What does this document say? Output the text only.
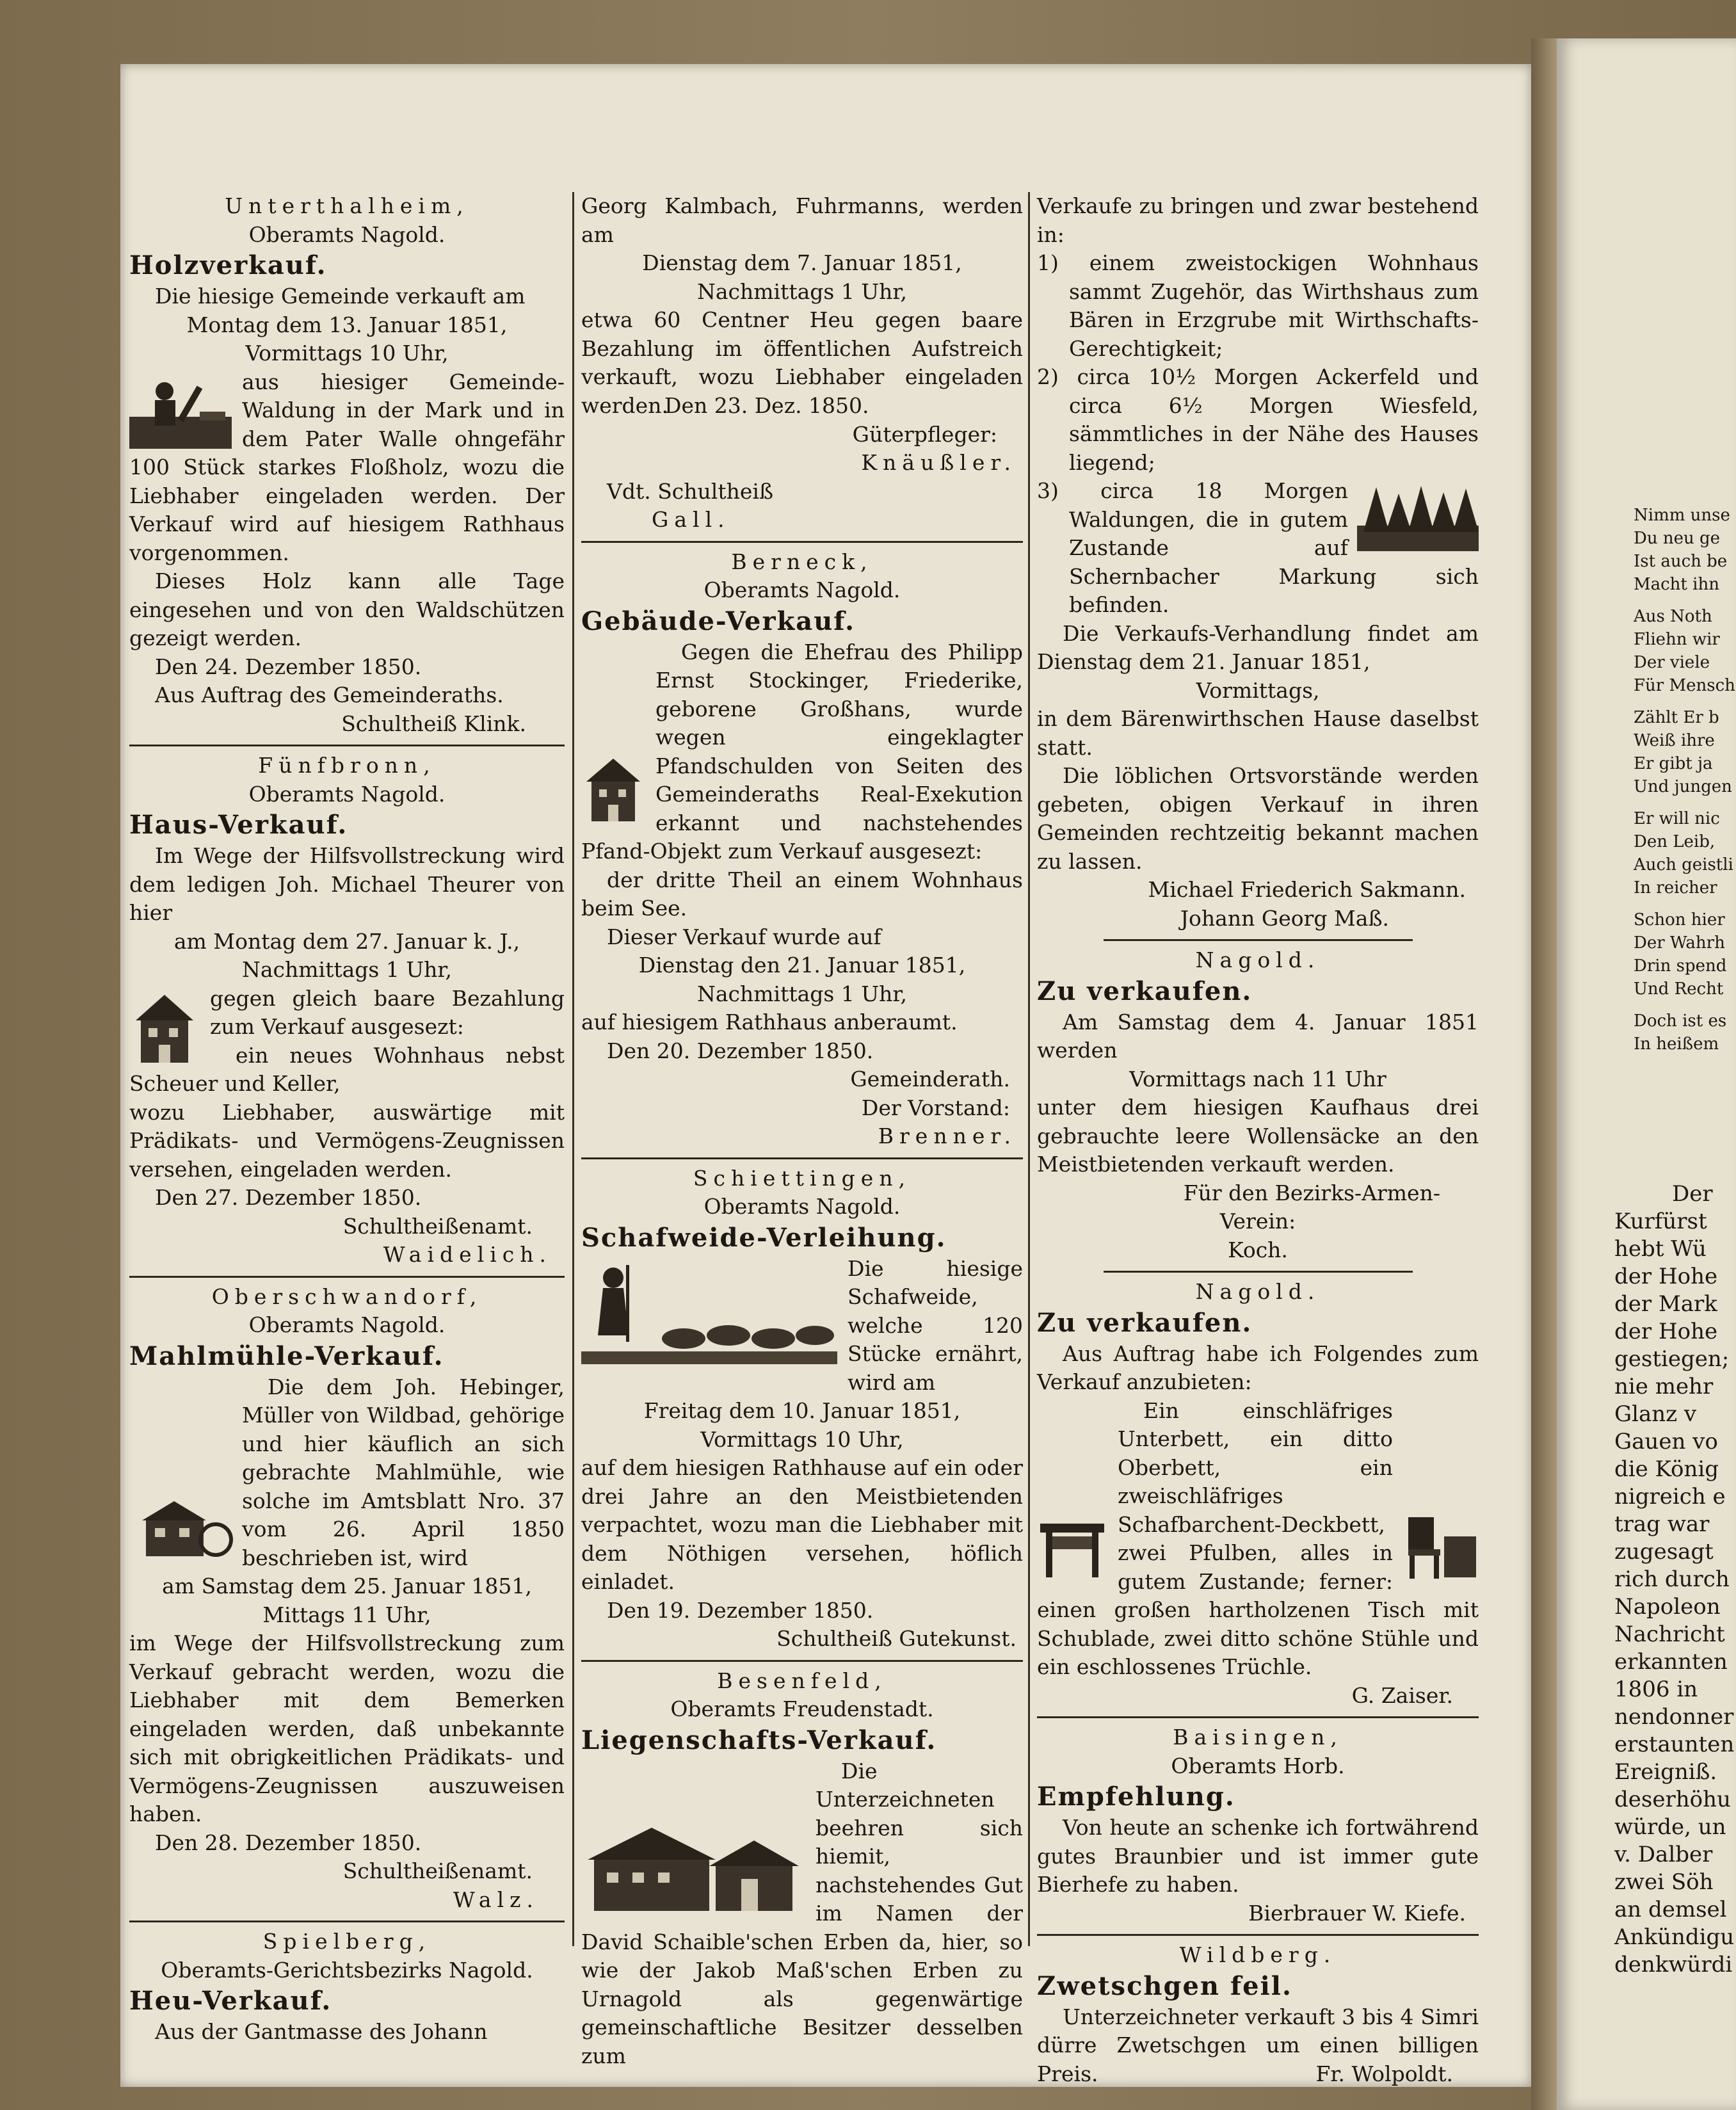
Nimm unse
Du neu ge
Ist auch be
Macht ihn
Aus Noth
Fliehn wir
Der viele
Für Mensch
Zählt Er b
Weiß ihre
Er gibt ja
Und jungen
Er will nic
Den Leib,
Auch geistli
In reicher
Schon hier
Der Wahrh
Drin spend
Und Recht
Doch ist es
In heißem
Der
Kurfürst
hebt Wü
der Hohe
der Mark
der Hohe
gestiegen;
nie mehr
Glanz v
Gauen vo
die König
nigreich e
trag war
zugesagt
rich durch
Napoleon
Nachricht
erkannten
1806 in
nendonner
erstaunten
Ereigniß.
deserhöhu
würde, un
v. Dalber
zwei Söh
an demsel
Ankündigu
denkwürdi

Unterthalheim,

Oberamts Nagold.

Holzverkauf.

Die hiesige Gemeinde verkauft am

Montag dem 13. Januar 1851,

Vormittags 10 Uhr,

aus hiesiger Gemeinde-Waldung in der Mark und in dem Pater Walle ohngefähr 100 Stück starkes Floßholz, wozu die Liebhaber eingeladen werden. Der Verkauf wird auf hiesigem Rathhaus vorgenommen.

Dieses Holz kann alle Tage eingesehen und von den Waldschützen gezeigt werden.

Den 24. Dezember 1850.

Aus Auftrag des Gemeinderaths.

Schultheiß Klink.

Fünfbronn,

Oberamts Nagold.

Haus-Verkauf.

Im Wege der Hilfsvollstreckung wird dem ledigen Joh. Michael Theurer von hier

am Montag dem 27. Januar k. J.,

Nachmittags 1 Uhr,

gegen gleich baare Bezahlung zum Verkauf ausgesezt:

ein neues Wohnhaus nebst Scheuer und Keller,

wozu Liebhaber, auswärtige mit Prädikats- und Vermögens-Zeugnissen versehen, eingeladen werden.

Den 27. Dezember 1850.

Schultheißenamt.

Waidelich.

Oberschwandorf,

Oberamts Nagold.

Mahlmühle-Verkauf.

Die dem Joh. Hebinger, Müller von Wildbad, gehörige und hier käuflich an sich gebrachte Mahlmühle, wie solche im Amtsblatt Nro. 37 vom 26. April 1850 beschrieben ist, wird

am Samstag dem 25. Januar 1851,

Mittags 11 Uhr,

im Wege der Hilfsvollstreckung zum Verkauf gebracht werden, wozu die Liebhaber mit dem Bemerken eingeladen werden, daß unbekannte sich mit obrigkeitlichen Prädikats- und Vermögens-Zeugnissen auszuweisen haben.

Den 28. Dezember 1850.

Schultheißenamt.

Walz.

Spielberg,

Oberamts-Gerichtsbezirks Nagold.

Heu-Verkauf.

Aus der Gantmasse des Johann

Georg Kalmbach, Fuhrmanns, werden am

Dienstag dem 7. Januar 1851,

Nachmittags 1 Uhr,

etwa 60 Centner Heu gegen baare Bezahlung im öffentlichen Aufstreich verkauft, wozu Liebhaber eingeladen werden.

Den 23. Dez. 1850.

Güterpfleger:

Knäußler.

Vdt. Schultheiß

Gall.

Berneck,

Oberamts Nagold.

Gebäude-Verkauf.

Gegen die Ehefrau des Philipp Ernst Stockinger, Friederike, geborene Großhans, wurde wegen eingeklagter Pfandschulden von Seiten des Gemeinderaths Real-Exekution erkannt und nachstehendes Pfand-Objekt zum Verkauf ausgesezt:

der dritte Theil an einem Wohnhaus beim See.

Dieser Verkauf wurde auf

Dienstag den 21. Januar 1851,

Nachmittags 1 Uhr,

auf hiesigem Rathhaus anberaumt.

Den 20. Dezember 1850.

Gemeinderath.

Der Vorstand:

Brenner.

Schiettingen,

Oberamts Nagold.

Schafweide-Verleihung.

Die hiesige Schafweide, welche 120 Stücke ernährt, wird am

Freitag dem 10. Januar 1851,

Vormittags 10 Uhr,

auf dem hiesigen Rathhause auf ein oder drei Jahre an den Meistbietenden verpachtet, wozu man die Liebhaber mit dem Nöthigen versehen, höflich einladet.

Den 19. Dezember 1850.

Schultheiß Gutekunst.

Besenfeld,

Oberamts Freudenstadt.

Liegenschafts-Verkauf.

Die Unterzeichneten beehren sich hiemit, nachstehendes Gut im Namen der David Schaible'schen Erben da, hier, so wie der Jakob Maß'schen Erben zu Urnagold als gegenwärtige gemeinschaftliche Besitzer desselben zum

Verkaufe zu bringen und zwar bestehend in:

1) einem zweistockigen Wohnhaus sammt Zugehör, das Wirthshaus zum Bären in Erzgrube mit Wirthschafts-Gerechtigkeit;

2) circa 10½ Morgen Ackerfeld und circa 6½ Morgen Wiesfeld, sämmtliches in der Nähe des Hauses liegend;

3) circa 18 Morgen Waldungen, die in gutem Zustande auf Schernbacher Markung sich befinden.

Die Verkaufs-Verhandlung findet am Dienstag dem 21. Januar 1851,

Vormittags,

in dem Bärenwirthschen Hause daselbst statt.

Die löblichen Ortsvorstände werden gebeten, obigen Verkauf in ihren Gemeinden rechtzeitig bekannt machen zu lassen.

Michael Friederich Sakmann.

Johann Georg Maß.

Nagold.

Zu verkaufen.

Am Samstag dem 4. Januar 1851 werden

Vormittags nach 11 Uhr

unter dem hiesigen Kaufhaus drei gebrauchte leere Wollensäcke an den Meistbietenden verkauft werden.

Für den Bezirks-Armen-

Verein:

Koch.

Nagold.

Zu verkaufen.

Aus Auftrag habe ich Folgendes zum Verkauf anzubieten:

Ein einschläfriges Unterbett, ein ditto Oberbett, ein zweischläfriges Schafbarchent-Deckbett, zwei Pfulben, alles in gutem Zustande; ferner: einen großen hartholzenen Tisch mit Schublade, zwei ditto schöne Stühle und ein eschlossenes Trüchle.

G. Zaiser.

Baisingen,

Oberamts Horb.

Empfehlung.

Von heute an schenke ich fortwährend gutes Braunbier und ist immer gute Bierhefe zu haben.

Bierbrauer W. Kiefe.

Wildberg.

Zwetschgen feil.

Unterzeichneter verkauft 3 bis 4 Simri dürre Zwetschgen um einen billigen Preis.	Fr. Wolpoldt.
